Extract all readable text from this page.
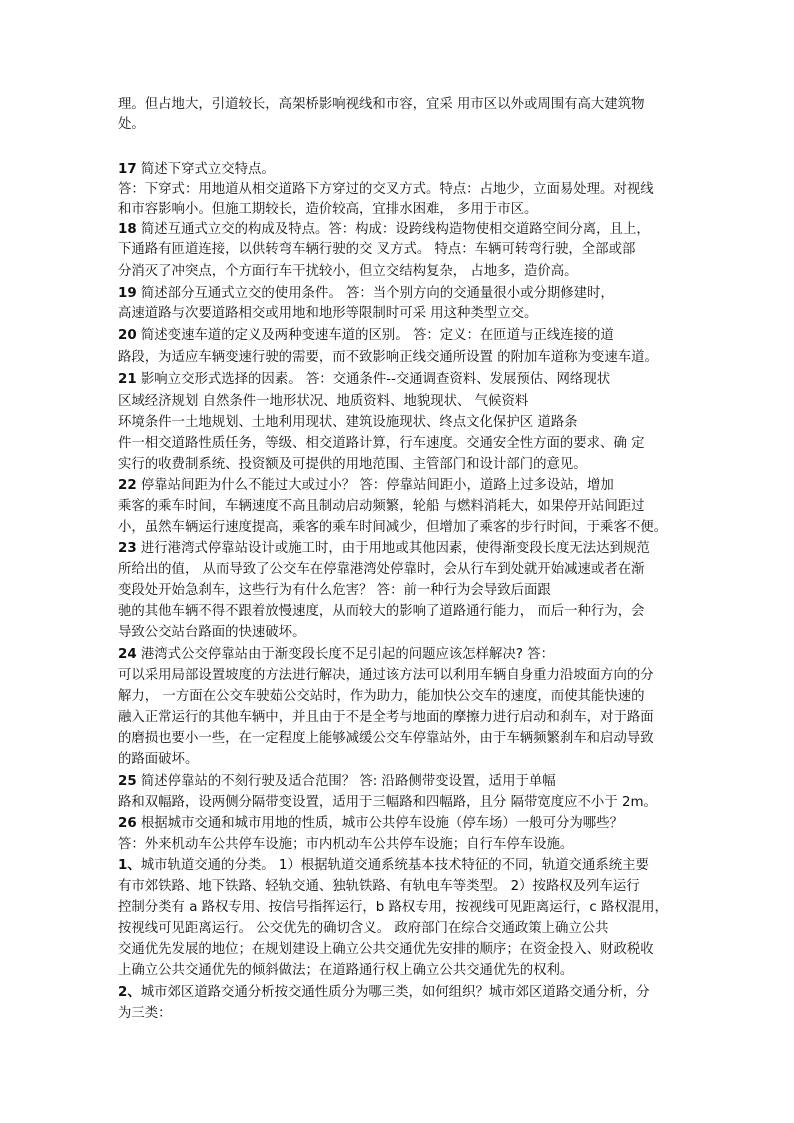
理。但占地大，引道较长，高架桥影响视线和市容，宜采 用市区以外或周围有高大建筑物
处。
17 简述下穿式立交特点。
答：下穿式：用地道从相交道路下方穿过的交叉方式。特点：占地少，立面易处理。对视线
和市容影响小。但施工期较长，造价较高，宜排水困难， 多用于市区。
18 简述互通式立交的构成及特点。答：构成：设跨线构造物使相交道路空间分离，且上，
下通路有匝道连接，以供转弯车辆行驶的交 叉方式。 特点：车辆可转弯行驶，全部或部
分消灭了冲突点，个方面行车干扰较小，但立交结构复杂， 占地多，造价高。
19 简述部分互通式立交的使用条件。 答：当个别方向的交通量很小或分期修建时，
高速道路与次要道路相交或用地和地形等限制时可采 用这种类型立交。
20 简述变速车道的定义及两种变速车道的区别。 答：定义：在匝道与正线连接的道
路段，为适应车辆变速行驶的需要，而不致影响正线交通所设置 的附加车道称为变速车道。
21 影响立交形式选择的因素。 答：交通条件--交通调查资料、发展预估、网络现状
区域经济规划 自然条件一地形状况、地质资料、地貌现状、 气候资料
环境条件一土地规划、土地利用现状、建筑设施现状、终点文化保护区 道路条
件一相交道路性质任务，等级、相交道路计算，行车速度。交通安全性方面的要求、确 定
实行的收费制系统、投资额及可提供的用地范围、主管部门和设计部门的意见。
22 停靠站间距为什么不能过大或过小？ 答：停靠站间距小，道路上过多设站，增加
乘客的乘车时间，车辆速度不高且制动启动频繁，轮船 与燃料消耗大，如果停开站间距过
小，虽然车辆运行速度提高，乘客的乘车时间减少，但增加了乘客的步行时间，于乘客不便。
23 进行港湾式停靠站设计或施工时，由于用地或其他因素，使得渐变段长度无法达到规范
所给出的值， 从而导致了公交车在停靠港湾处停靠时，会从行车到处就开始减速或者在渐
变段处开始急刹车，这些行为有什么危害？ 答：前一种行为会导致后面跟
驰的其他车辆不得不跟着放慢速度，从而较大的影响了道路通行能力， 而后一种行为，会
导致公交站台路面的快速破坏。
24 港湾式公交停靠站由于渐变段长度不足引起的问题应该怎样解决? 答：
可以采用局部设置坡度的方法进行解决，通过该方法可以利用车辆自身重力沿坡面方向的分
解力， 一方面在公交车驶茹公交站时，作为助力，能加快公交车的速度，而使其能快速的
融入正常运行的其他车辆中，并且由于不是全考与地面的摩擦力进行启动和刹车，对于路面
的磨损也要小一些，在一定程度上能够减缓公交车停靠站外，由于车辆频繁刹车和启动导致
的路面破坏。
25 简述停靠站的不刻行驶及适合范围？ 答: 沿路侧带变设置，适用于单幅
路和双幅路，设两侧分隔带变设置，适用于三幅路和四幅路，且分 隔带宽度应不小于 2m。
26 根据城市交通和城市用地的性质，城市公共停车设施（停车场）一般可分为哪些？
答：外来机动车公共停车设施；市内机动车公共停车设施；自行车停车设施。
1、城市轨道交通的分类。 1）根据轨道交通系统基本技术特征的不同，轨道交通系统主要
有市郊铁路、地下铁路、轻轨交通、独轨铁路、有轨电车等类型。 2）按路权及列车运行
控制分类有 a 路权专用、按信号指挥运行，b 路权专用，按视线可见距离运行，c 路权混用，
按视线可见距离运行。 公交优先的确切含义。 政府部门在综合交通政策上确立公共
交通优先发展的地位；在规划建设上确立公共交通优先安排的顺序；在资金投入、财政税收
上确立公共交通优先的倾斜做法；在道路通行权上确立公共交通优先的权利。
2、城市郊区道路交通分析按交通性质分为哪三类，如何组织？城市郊区道路交通分析，分
为三类：
